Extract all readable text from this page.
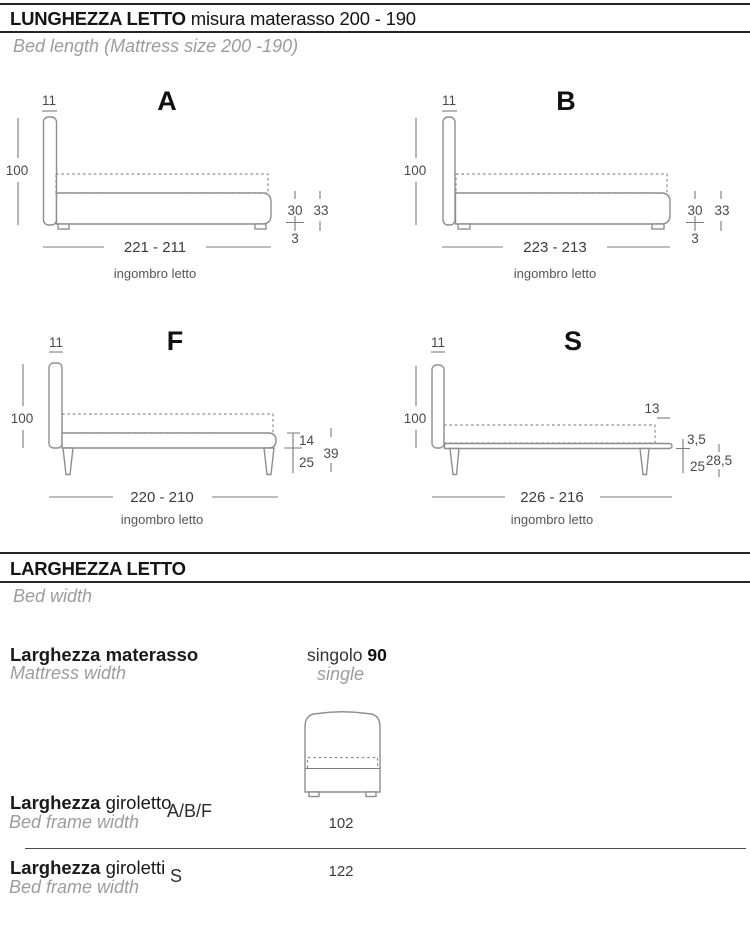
LUNGHEZZA LETTO misura materasso 200 - 190
Bed length (Mattress size 200 -190)
A
11
100
30
3
33
221 - 211
ingombro letto
B
11
100
30
3
33
223 - 213
ingombro letto
F
11
100
14
25
39
220 - 210
ingombro letto
S
11
100
13
3,5
25 28,5
226 - 216
ingombro letto
LARGHEZZA LETTO
Bed width
Larghezza materasso
Mattress width
singolo 90
single
102
Larghezza giroletto
A/B/F
Bed frame width
Larghezza giroletti S
Bed frame width
122
